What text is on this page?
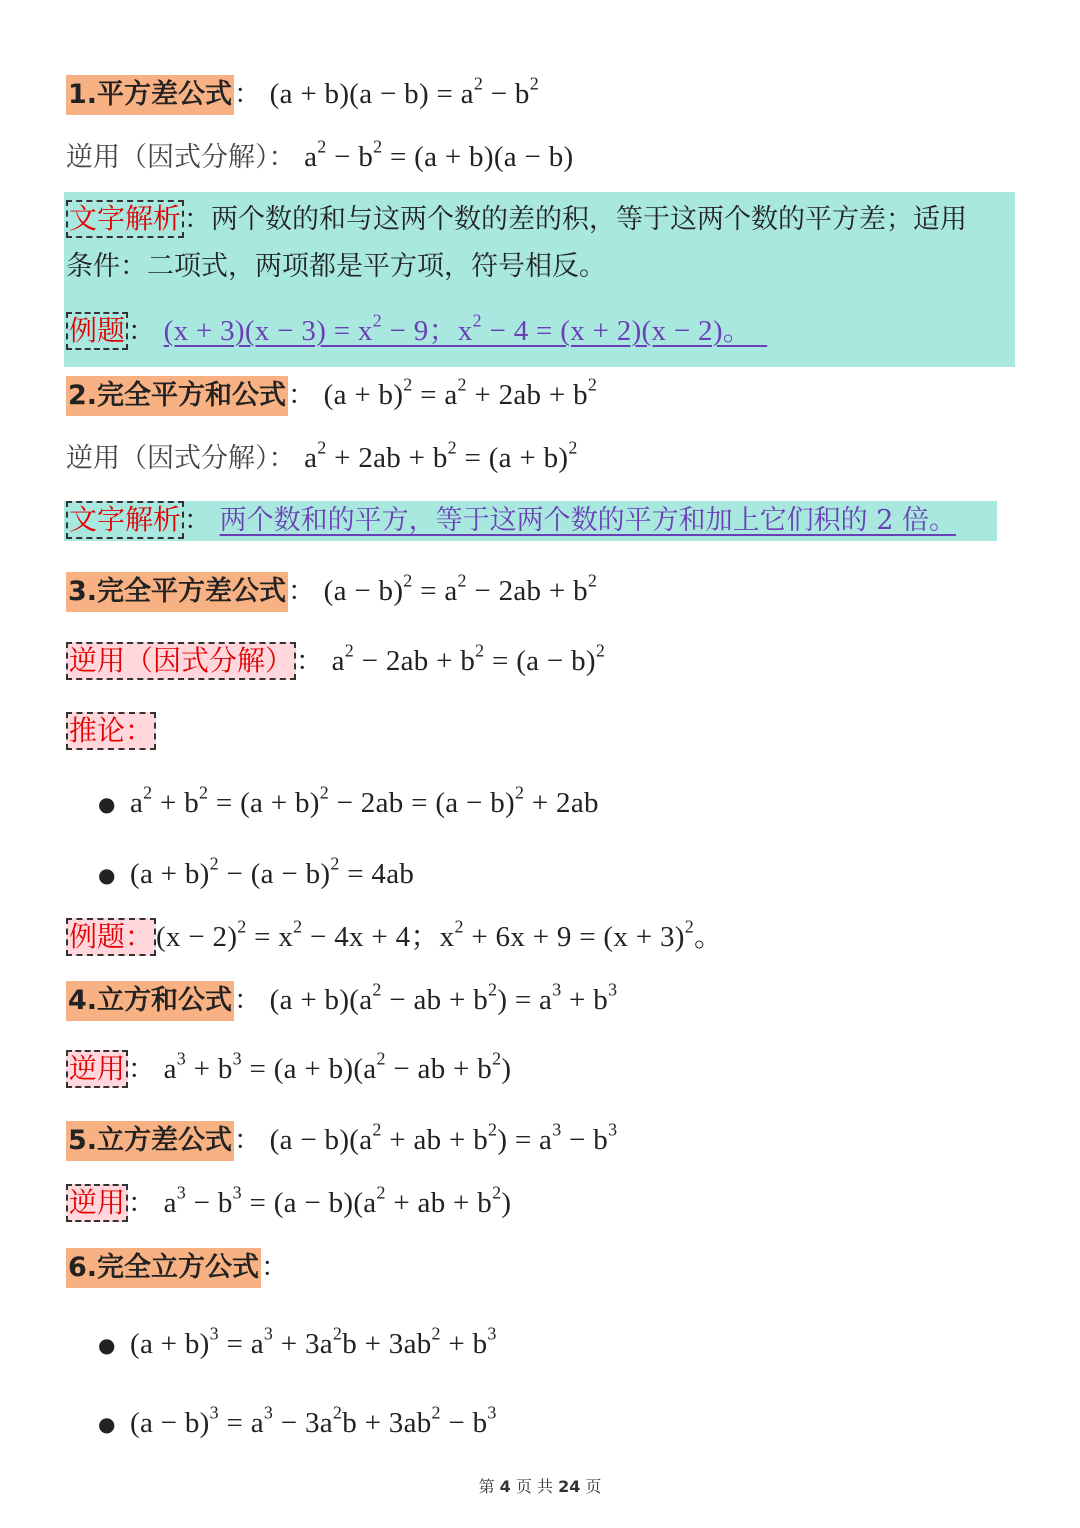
1.平方差公式： $(a + b)(a - b) = a^2 - b^2$
逆用（因式分解）： $a^2 - b^2 = (a + b)(a - b)$
文字解析 ：两个数的和与这两个数的差的积，等于这两个数的平方差；适用
条件：二项式，两项都是平方项，符号相反。
例题 ： $(x + 3)(x - 3) = x^2 - 9$；$x^2 - 4 = (x + 2)(x - 2)$。
2.完全平方和公式： $(a + b)^2 = a^2 + 2ab + b^2$
逆用（因式分解）： $a^2 + 2ab + b^2 = (a + b)^2$
文字解析 ： 两个数和的平方，等于这两个数的平方和加上它们积的 2 倍。
3.完全平方差公式： $(a - b)^2 = a^2 - 2ab + b^2$
逆用（因式分解） ： $a^2 - 2ab + b^2 = (a - b)^2$
推论：
● $a^2 + b^2 = (a + b)^2 - 2ab = (a - b)^2 + 2ab$
● $(a + b)^2 - (a - b)^2 = 4ab$
例题： $(x - 2)^2 = x^2 - 4x + 4$；$x^2 + 6x + 9 = (x + 3)^2$。
4.立方和公式： $(a + b)(a^2$ − ab + $b^2) = a^3 + b^3$
逆用 ： $a^3 + b^3 = (a + b)(a^2$ − ab + $b^2$)
5.立方差公式： $(a - b)(a^2$ + ab + $b^2) = a^3 - b^3$
逆用 ： $a^3 - b^3 = (a - b)(a^2$ + ab + $b^2$)
6.完全立方公式：
● $(a + b)^3 = a^3 + 3a^2b + 3ab^2 + b^3$
● $(a - b)^3 = a^3 - 3a^2b + 3ab^2 - b^3$
第 4 页 共 24 页
